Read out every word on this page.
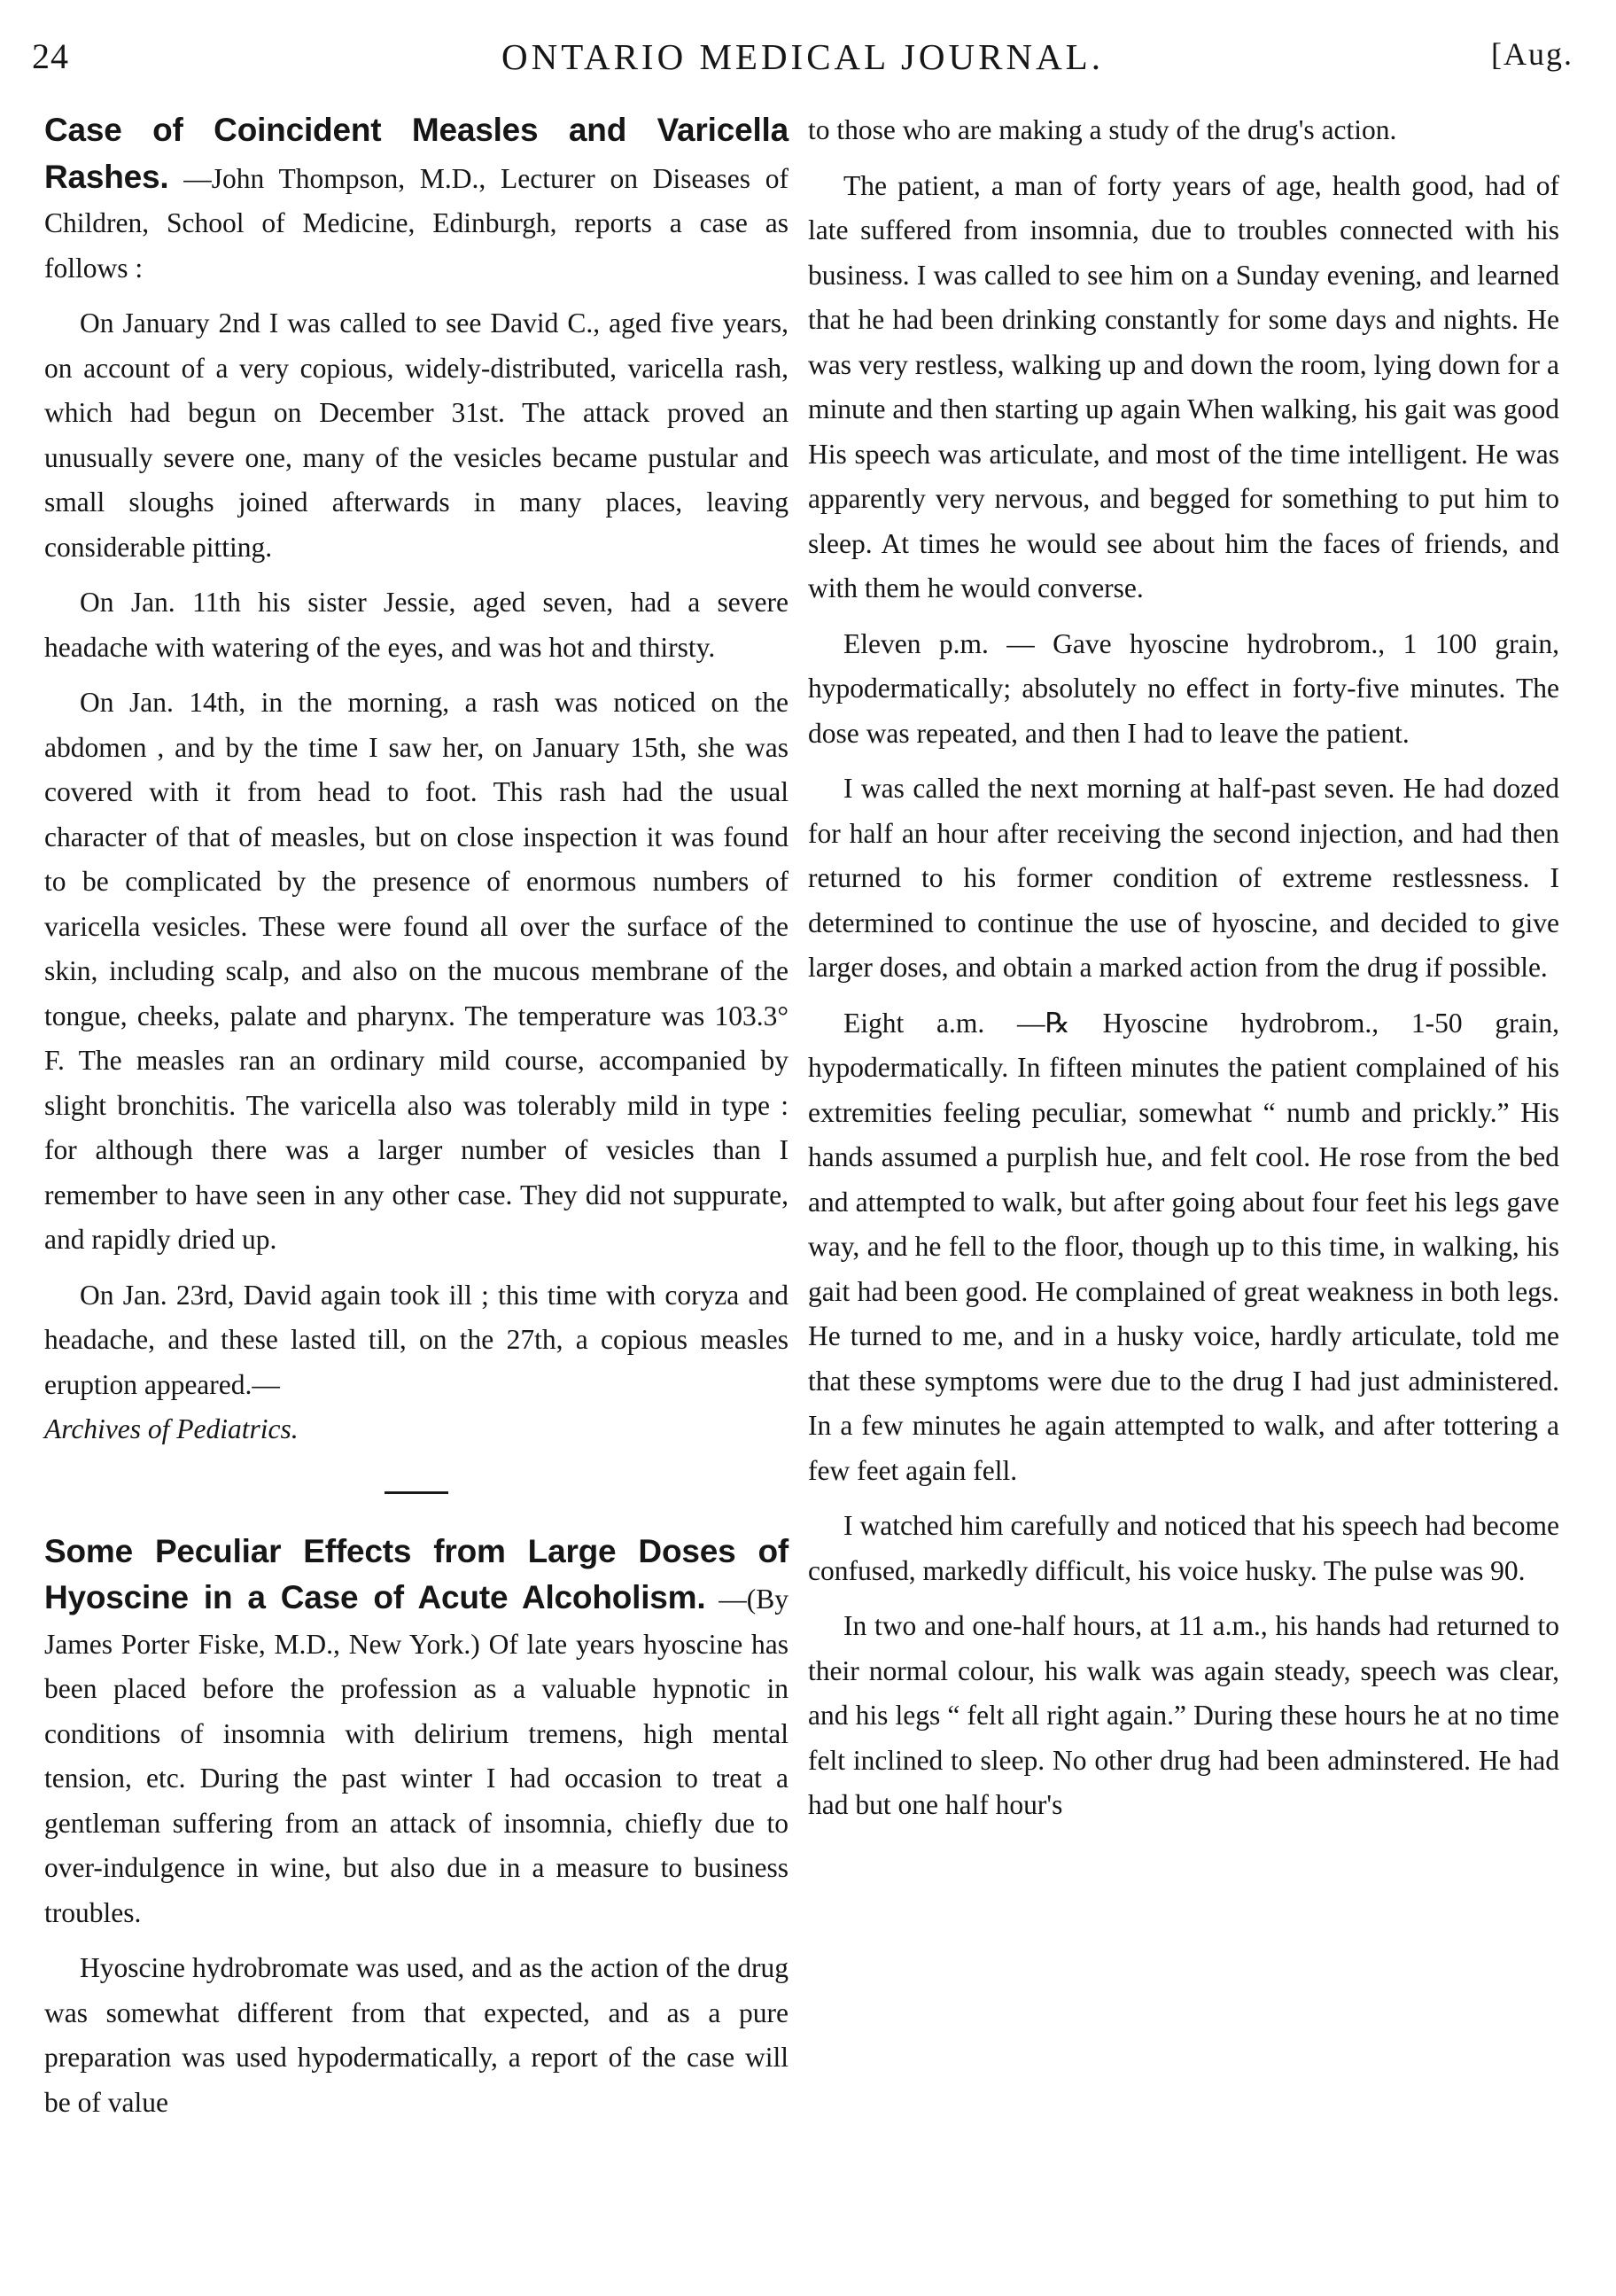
24	ONTARIO MEDICAL JOURNAL.	[Aug.

Case of Coincident Measles and Varicella Rashes. —John Thompson, M.D., Lecturer on Diseases of Children, School of Medicine, Edinburgh, reports a case as follows :

On January 2nd I was called to see David C., aged five years, on account of a very copious, widely-distributed, varicella rash, which had begun on December 31st. The attack proved an unusually severe one, many of the vesicles became pustular and small sloughs joined afterwards in many places, leaving considerable pitting.

On Jan. 11th his sister Jessie, aged seven, had a severe headache with watering of the eyes, and was hot and thirsty.

On Jan. 14th, in the morning, a rash was noticed on the abdomen , and by the time I saw her, on January 15th, she was covered with it from head to foot. This rash had the usual character of that of measles, but on close inspection it was found to be complicated by the presence of enormous numbers of varicella vesicles. These were found all over the surface of the skin, including scalp, and also on the mucous membrane of the tongue, cheeks, palate and pharynx. The temperature was 103.3° F. The measles ran an ordinary mild course, accompanied by slight bronchitis. The varicella also was tolerably mild in type : for although there was a larger number of vesicles than I remember to have seen in any other case. They did not suppurate, and rapidly dried up.

On Jan. 23rd, David again took ill ; this time with coryza and headache, and these lasted till, on the 27th, a copious measles eruption appeared.—
Archives of Pediatrics.

Some Peculiar Effects from Large Doses of Hyoscine in a Case of Acute Alcoholism. —(By James Porter Fiske, M.D., New York.) Of late years hyoscine has been placed before the profession as a valuable hypnotic in conditions of insomnia with delirium tremens, high mental tension, etc. During the past winter I had occasion to treat a gentleman suffering from an attack of insomnia, chiefly due to over-indulgence in wine, but also due in a measure to business troubles.

Hyoscine hydrobromate was used, and as the action of the drug was somewhat different from that expected, and as a pure preparation was used hypodermatically, a report of the case will be of value

to those who are making a study of the drug's action.

The patient, a man of forty years of age, health good, had of late suffered from insomnia, due to troubles connected with his business. I was called to see him on a Sunday evening, and learned that he had been drinking constantly for some days and nights. He was very restless, walking up and down the room, lying down for a minute and then starting up again When walking, his gait was good His speech was articulate, and most of the time intelligent. He was apparently very nervous, and begged for something to put him to sleep. At times he would see about him the faces of friends, and with them he would converse.

Eleven p.m. — Gave hyoscine hydrobrom., 1 100 grain, hypodermatically; absolutely no effect in forty-five minutes. The dose was repeated, and then I had to leave the patient.

I was called the next morning at half-past seven. He had dozed for half an hour after receiving the second injection, and had then returned to his former condition of extreme restlessness. I determined to continue the use of hyoscine, and decided to give larger doses, and obtain a marked action from the drug if possible.

Eight a.m. —℞ Hyoscine hydrobrom., 1-50 grain, hypodermatically. In fifteen minutes the patient complained of his extremities feeling peculiar, somewhat “ numb and prickly.” His hands assumed a purplish hue, and felt cool. He rose from the bed and attempted to walk, but after going about four feet his legs gave way, and he fell to the floor, though up to this time, in walking, his gait had been good. He complained of great weakness in both legs. He turned to me, and in a husky voice, hardly articulate, told me that these symptoms were due to the drug I had just administered. In a few minutes he again attempted to walk, and after tottering a few feet again fell.

I watched him carefully and noticed that his speech had become confused, markedly difficult, his voice husky. The pulse was 90.

In two and one-half hours, at 11 a.m., his hands had returned to their normal colour, his walk was again steady, speech was clear, and his legs “ felt all right again.” During these hours he at no time felt inclined to sleep. No other drug had been adminstered. He had had but one half hour's
